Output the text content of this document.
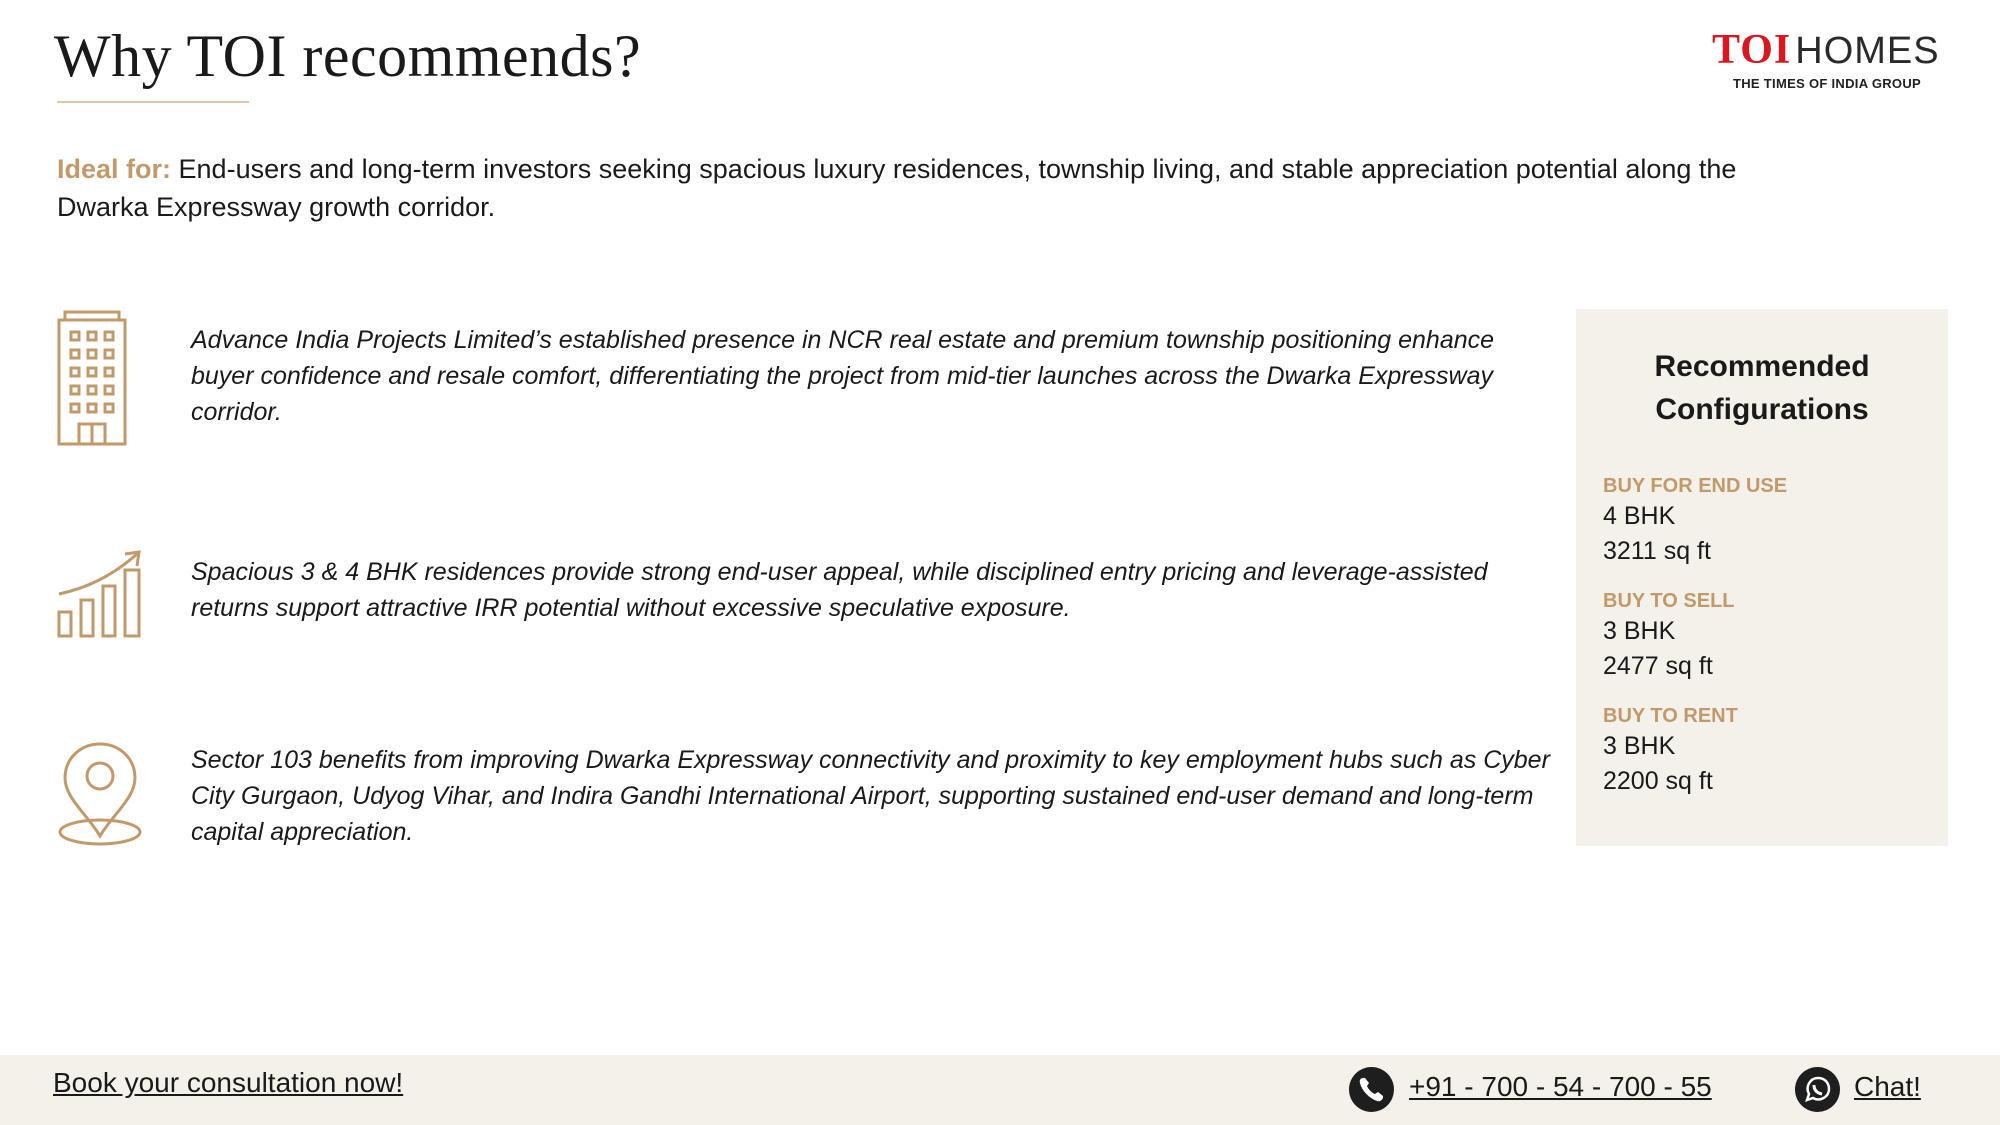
Why TOI recommends?	TOI HOMES
THE TIMES OF INDIA GROUP

Ideal for: End-users and long-term investors seeking spacious luxury residences, township living, and stable appreciation potential along the Dwarka Expressway growth corridor.

Advance India Projects Limited’s established presence in NCR real estate and premium township positioning enhance buyer confidence and resale comfort, differentiating the project from mid-tier launches across the Dwarka Expressway corridor.

Spacious 3 & 4 BHK residences provide strong end-user appeal, while disciplined entry pricing and leverage-assisted returns support attractive IRR potential without excessive speculative exposure.

Sector 103 benefits from improving Dwarka Expressway connectivity and proximity to key employment hubs such as Cyber City Gurgaon, Udyog Vihar, and Indira Gandhi International Airport, supporting sustained end-user demand and long-term capital appreciation.

Recommended Configurations
BUY FOR END USE
4 BHK
3211 sq ft
BUY TO SELL
3 BHK
2477 sq ft
BUY TO RENT
3 BHK
2200 sq ft
Book your consultation now!	+91 - 700 - 54 - 700 - 55	Chat!
